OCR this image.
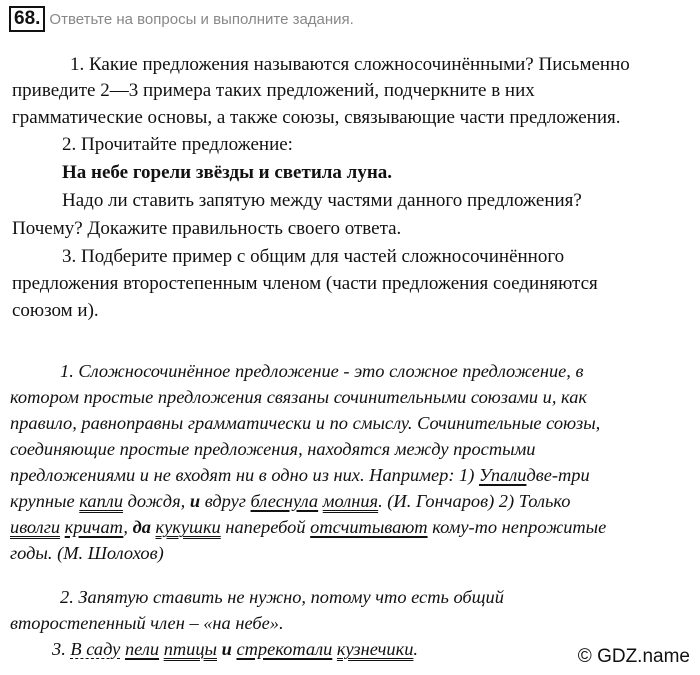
68. Ответьте на вопросы и выполните задания.

1. Какие предложения называются сложносочинёнными? Письменно

приведите 2—3 примера таких предложений, подчеркните в них

грамматические основы, а также союзы, связывающие части предложения.

2. Прочитайте предложение:

На небе горели звёзды и светила луна.

Надо ли ставить запятую между частями данного предложения?

Почему? Докажите правильность своего ответа.

3. Подберите пример с общим для частей сложносочинённого

предложения второстепенным членом (части предложения соединяются

союзом и).

1. Сложносочинённое предложение - это сложное предложение, в

котором простые предложения связаны сочинительными союзами и, как

правило, равноправны грамматически и по смыслу. Сочинительные союзы,

соединяющие простые предложения, находятся между простыми

предложениями и не входят ни в одно из них. Например: 1) Упалидве-три

крупные капли дождя, и вдруг блеснула молния. (И. Гончаров) 2) Только

иволги кричат, да кукушки наперебой отсчитывают кому-то непрожитые

годы. (М. Шолохов)

2. Запятую ставить не нужно, потому что есть общий

второстепенный член – «на небе».

3. В саду пели птицы и стрекотали кузнечики.	© GDZ.name
